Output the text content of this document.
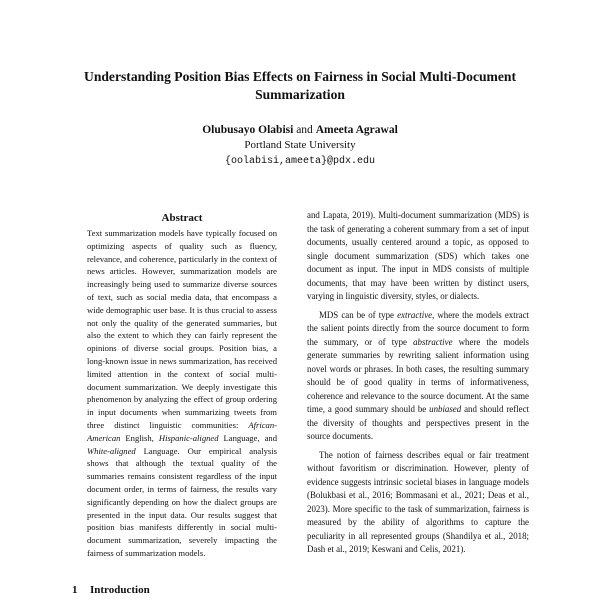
Understanding Position Bias Effects on Fairness in Social Multi-Document Summarization
Olubusayo Olabisi and Ameeta Agrawal
Portland State University
{oolabisi,ameeta}@pdx.edu
Abstract
Text summarization models have typically focused on optimizing aspects of quality such as fluency, relevance, and coherence, particularly in the context of news articles. However, summarization models are increasingly being used to summarize diverse sources of text, such as social media data, that encompass a wide demographic user base. It is thus crucial to assess not only the quality of the generated summaries, but also the extent to which they can fairly represent the opinions of diverse social groups. Position bias, a long-known issue in news summarization, has received limited attention in the context of social multi-document summarization. We deeply investigate this phenomenon by analyzing the effect of group ordering in input documents when summarizing tweets from three distinct linguistic communities: African-American English, Hispanic-aligned Language, and White-aligned Language. Our empirical analysis shows that although the textual quality of the summaries remains consistent regardless of the input document order, in terms of fairness, the results vary significantly depending on how the dialect groups are presented in the input data. Our results suggest that position bias manifests differently in social multi-document summarization, severely impacting the fairness of summarization models.
1 Introduction

and Lapata, 2019). Multi-document summarization (MDS) is the task of generating a coherent summary from a set of input documents, usually centered around a topic, as opposed to single document summarization (SDS) which takes one document as input. The input in MDS consists of multiple documents, that may have been written by distinct users, varying in linguistic diversity, styles, or dialects.

MDS can be of type extractive, where the models extract the salient points directly from the source document to form the summary, or of type abstractive where the models generate summaries by rewriting salient information using novel words or phrases. In both cases, the resulting summary should be of good quality in terms of informativeness, coherence and relevance to the source document. At the same time, a good summary should be unbiased and should reflect the diversity of thoughts and perspectives present in the source documents.

The notion of fairness describes equal or fair treatment without favoritism or discrimination. However, plenty of evidence suggests intrinsic societal biases in language models (Bolukbasi et al., 2016; Bommasani et al., 2021; Deas et al., 2023). More specific to the task of summarization, fairness is measured by the ability of algorithms to capture the peculiarity in all represented groups (Shandilya et al., 2018; Dash et al., 2019; Keswani and Celis, 2021).
